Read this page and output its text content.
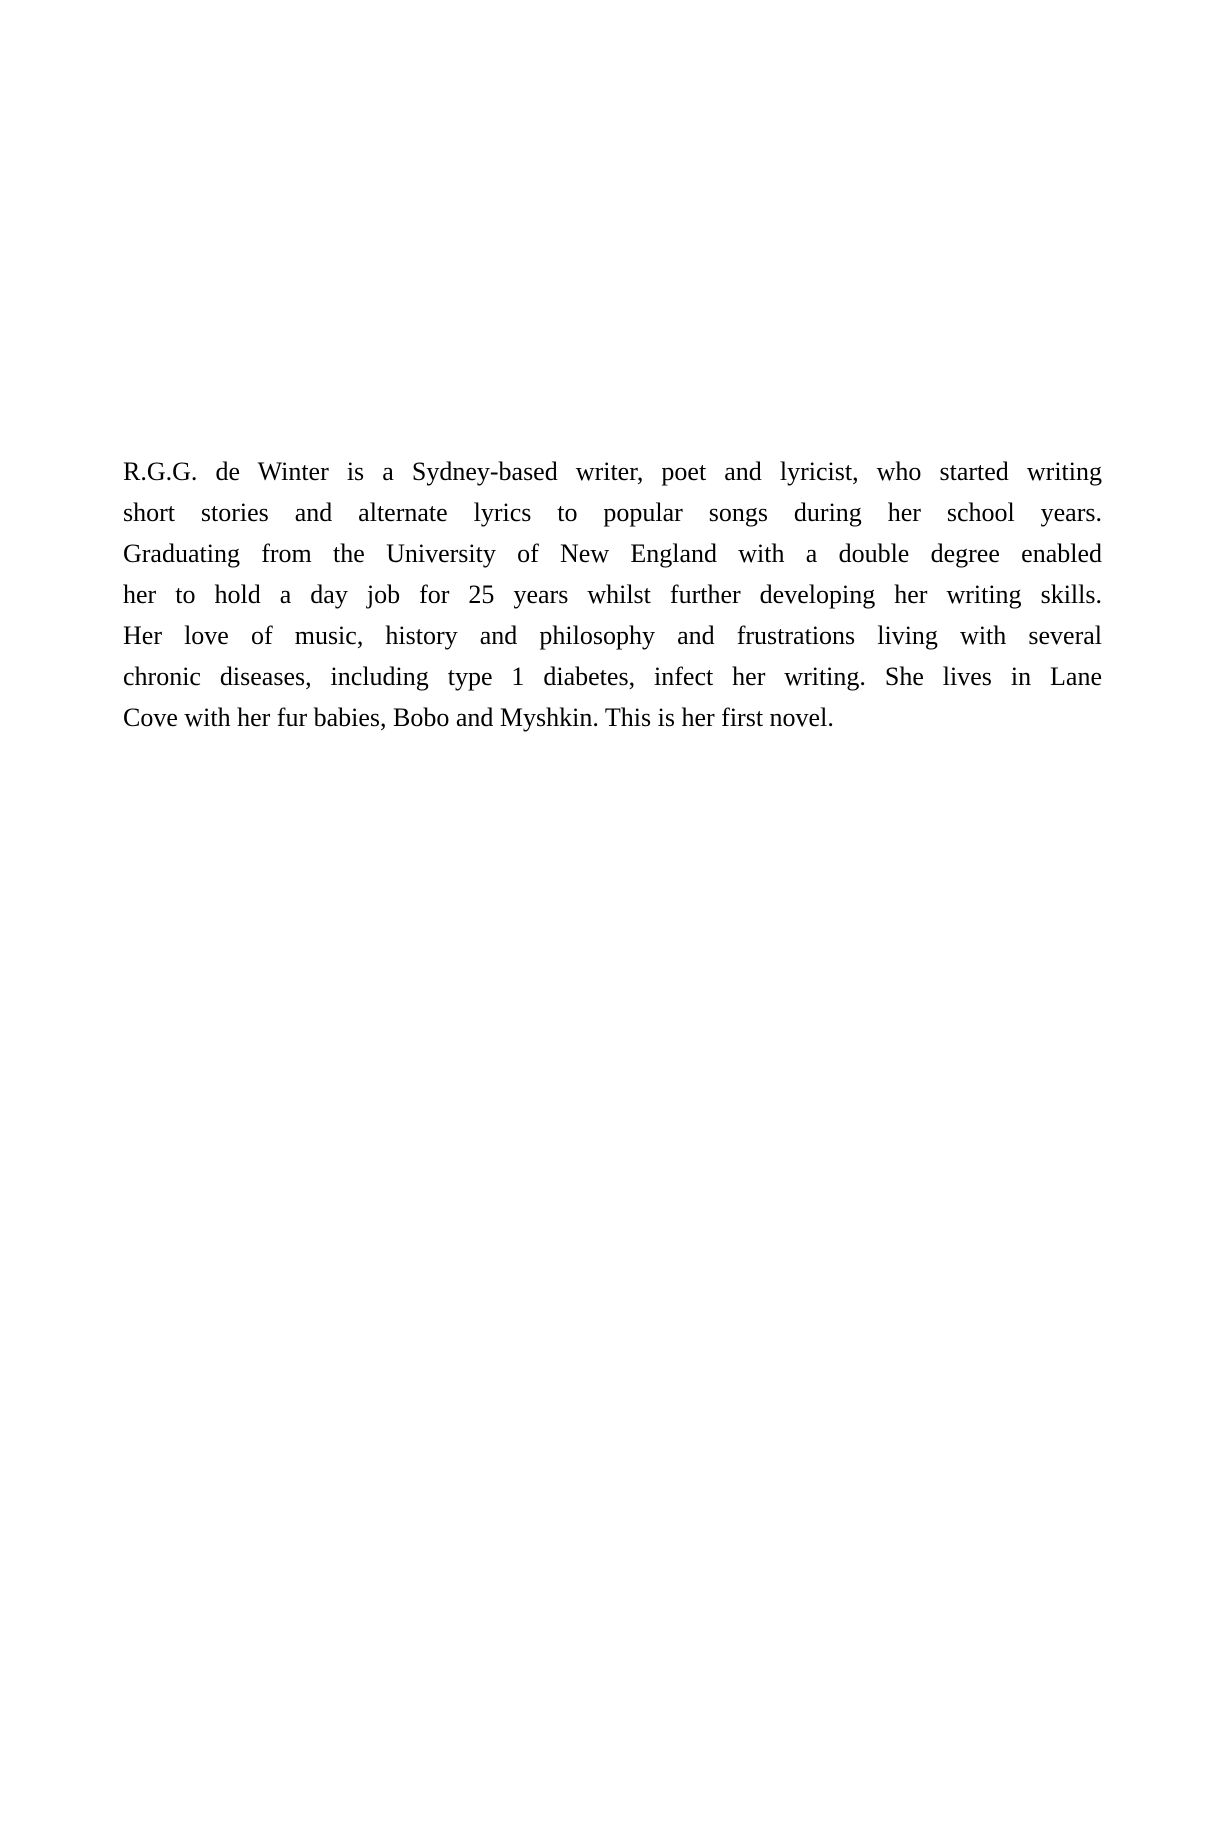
R.G.G. de Winter is a Sydney-based writer, poet and lyricist, who started writing
short stories and alternate lyrics to popular songs during her school years.
Graduating from the University of New England with a double degree enabled
her to hold a day job for 25 years whilst further developing her writing skills.
Her love of music, history and philosophy and frustrations living with several
chronic diseases, including type 1 diabetes, infect her writing. She lives in Lane
Cove with her fur babies, Bobo and Myshkin. This is her first novel.
